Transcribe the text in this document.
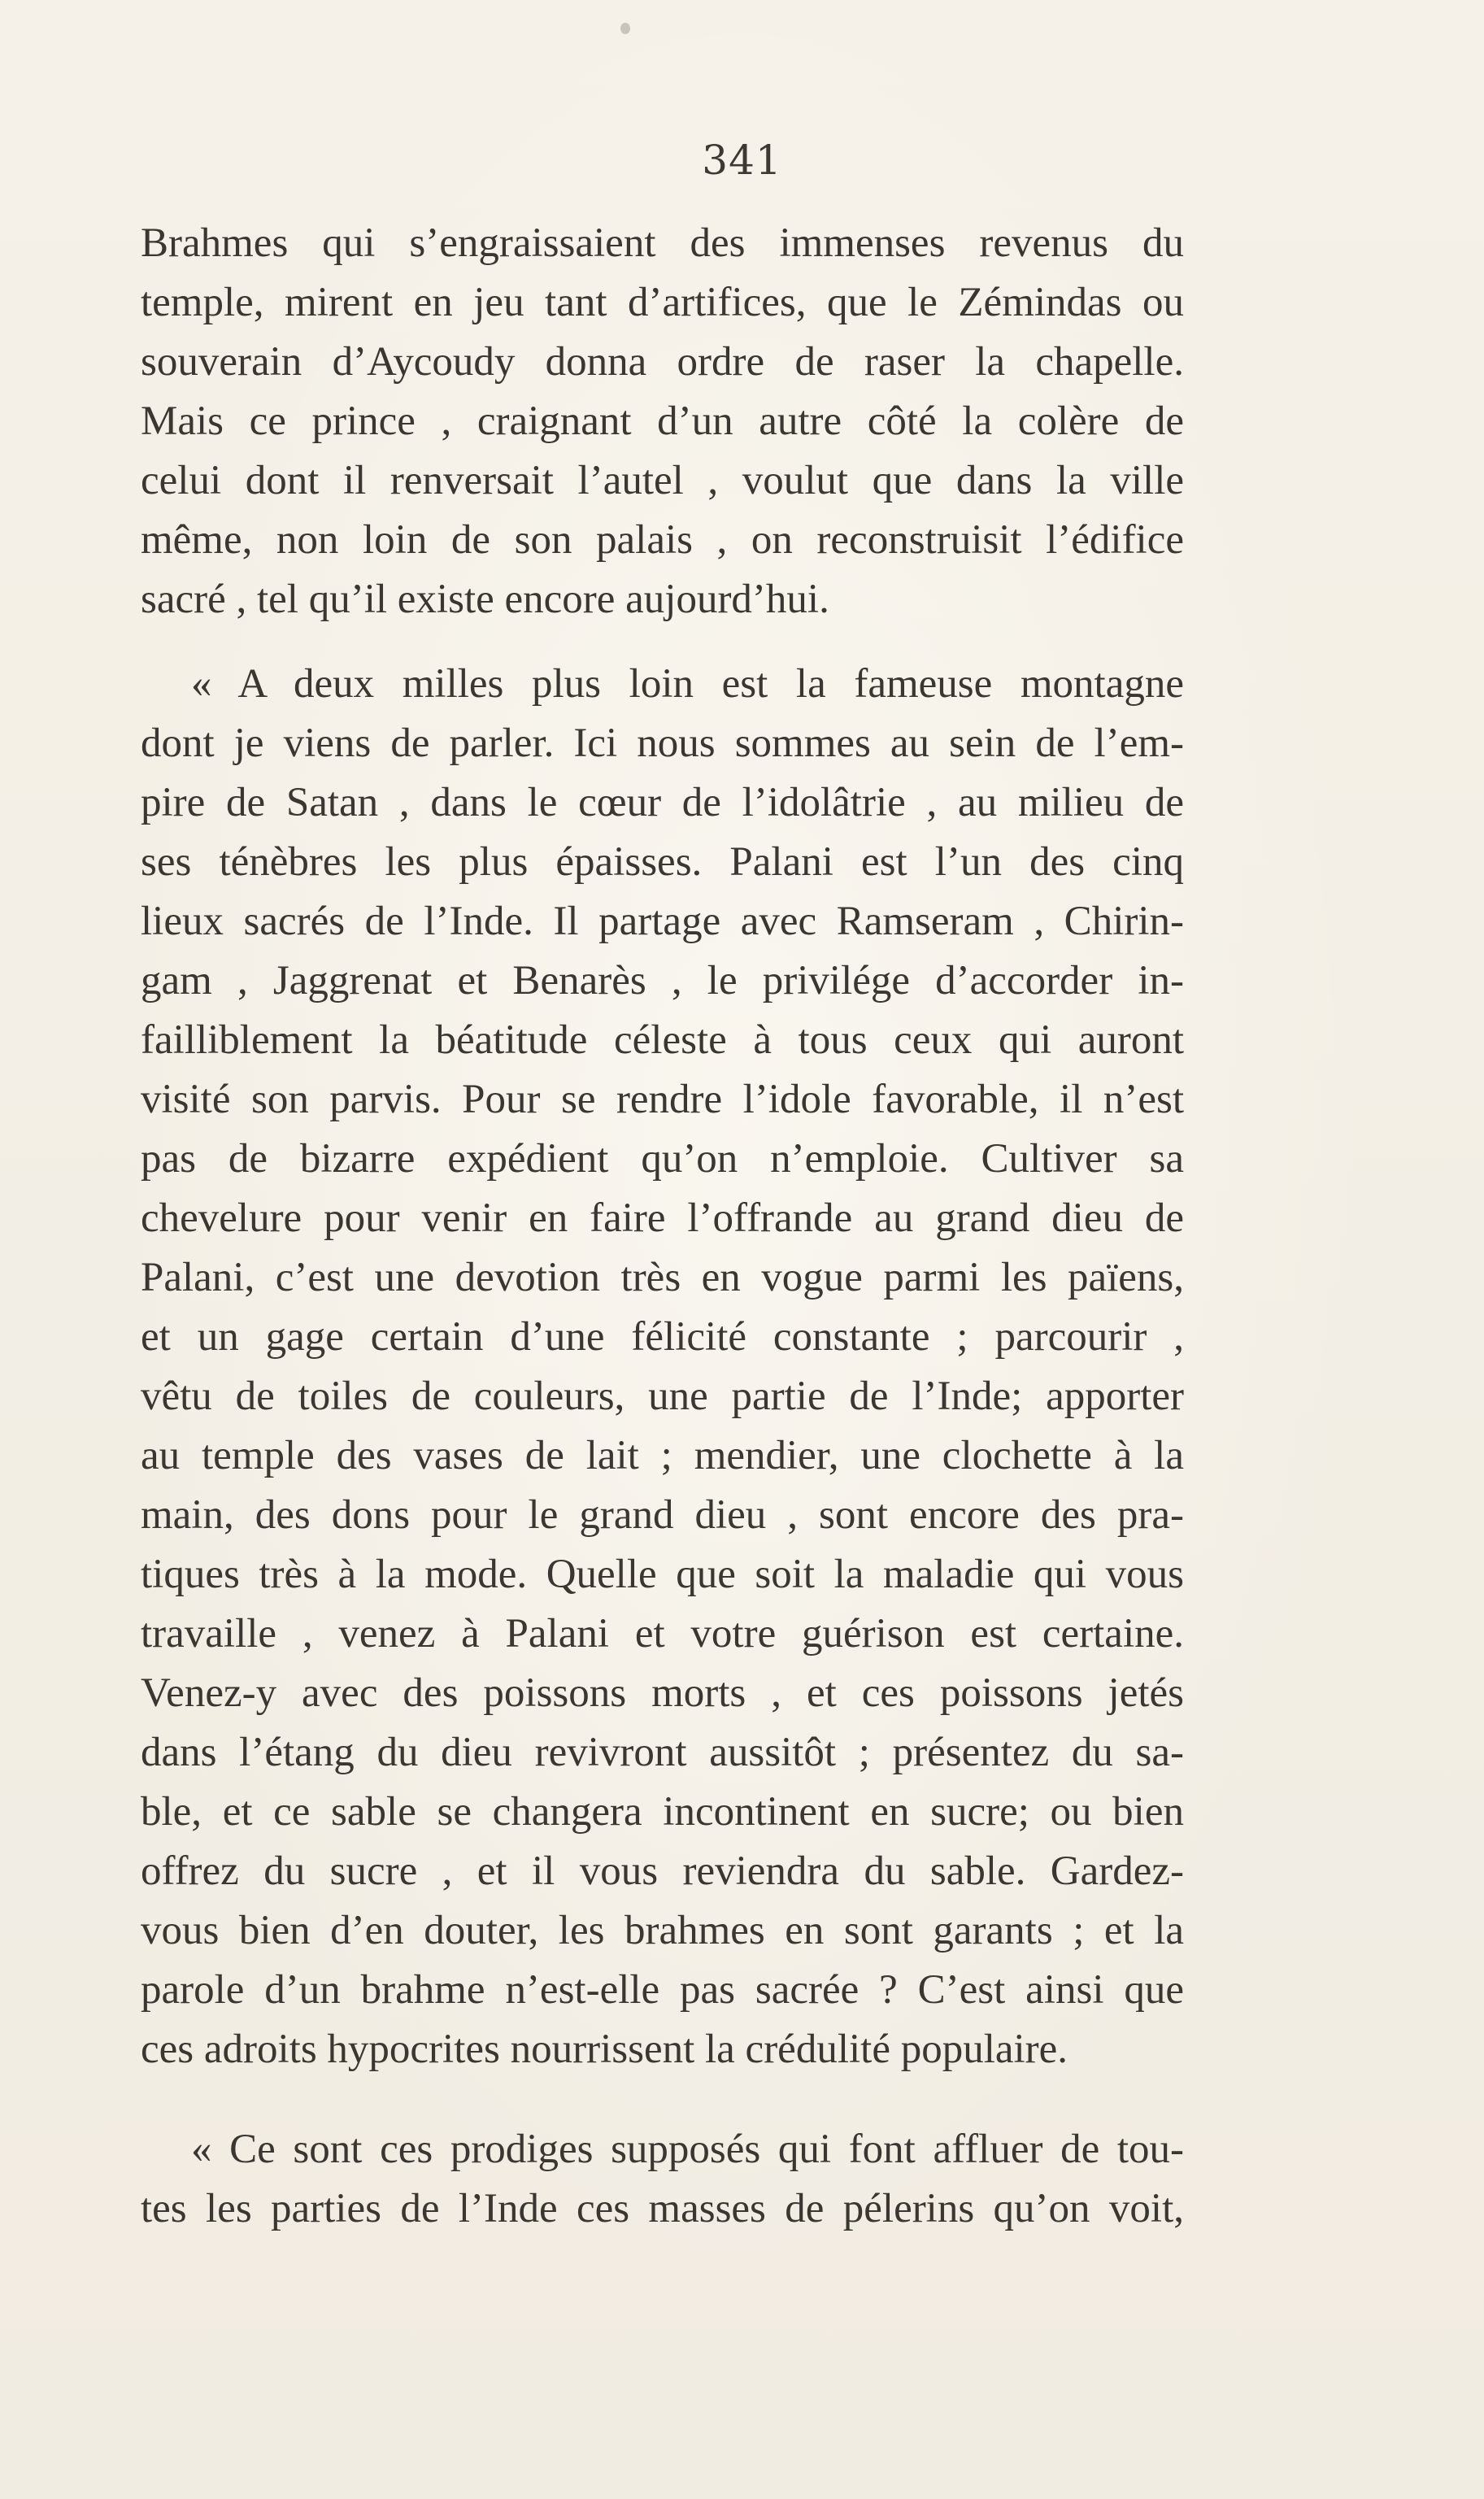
341
Brahmes qui s’engraissaient des immenses revenus du
temple, mirent en jeu tant d’artifices, que le Zémindas ou
souverain d’Aycoudy donna ordre de raser la chapelle.
Mais ce prince , craignant d’un autre côté la colère de
celui dont il renversait l’autel , voulut que dans la ville
même, non loin de son palais , on reconstruisit l’édifice
sacré , tel qu’il existe encore aujourd’hui.
« A deux milles plus loin est la fameuse montagne
dont je viens de parler. Ici nous sommes au sein de l’em-
pire de Satan , dans le cœur de l’idolâtrie , au milieu de
ses ténèbres les plus épaisses. Palani est l’un des cinq
lieux sacrés de l’Inde. Il partage avec Ramseram , Chirin-
gam , Jaggrenat et Benarès , le privilége d’accorder in-
failliblement la béatitude céleste à tous ceux qui auront
visité son parvis. Pour se rendre l’idole favorable, il n’est
pas de bizarre expédient qu’on n’emploie. Cultiver sa
chevelure pour venir en faire l’offrande au grand dieu de
Palani, c’est une devotion très en vogue parmi les païens,
et un gage certain d’une félicité constante ; parcourir ,
vêtu de toiles de couleurs, une partie de l’Inde; apporter
au temple des vases de lait ; mendier, une clochette à la
main, des dons pour le grand dieu , sont encore des pra-
tiques très à la mode. Quelle que soit la maladie qui vous
travaille , venez à Palani et votre guérison est certaine.
Venez-y avec des poissons morts , et ces poissons jetés
dans l’étang du dieu revivront aussitôt ; présentez du sa-
ble, et ce sable se changera incontinent en sucre; ou bien
offrez du sucre , et il vous reviendra du sable. Gardez-
vous bien d’en douter, les brahmes en sont garants ; et la
parole d’un brahme n’est-elle pas sacrée ? C’est ainsi que
ces adroits hypocrites nourrissent la crédulité populaire.
« Ce sont ces prodiges supposés qui font affluer de tou-
tes les parties de l’Inde ces masses de pélerins qu’on voit,
